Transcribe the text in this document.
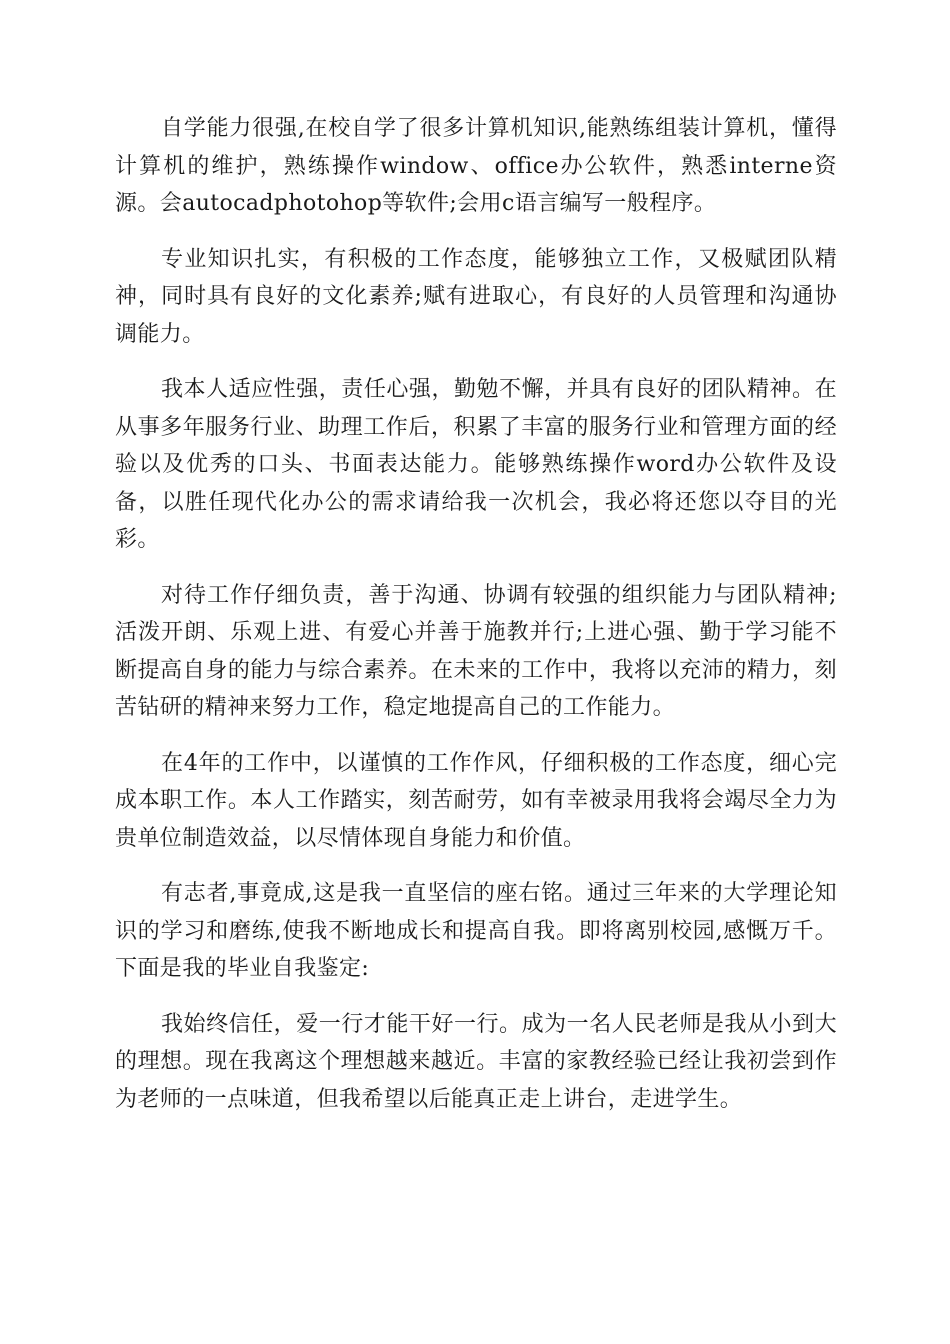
自学能力很强,在校自学了很多计算机知识,能熟练组装计算机，懂得计算机的维护，熟练操作window、office办公软件，熟悉interne资源。会autocadphotohop等软件;会用c语言编写一般程序。

专业知识扎实，有积极的工作态度，能够独立工作，又极赋团队精神，同时具有良好的文化素养;赋有进取心，有良好的人员管理和沟通协调能力。

我本人适应性强，责任心强，勤勉不懈，并具有良好的团队精神。在从事多年服务行业、助理工作后，积累了丰富的服务行业和管理方面的经验以及优秀的口头、书面表达能力。能够熟练操作word办公软件及设备，以胜任现代化办公的需求请给我一次机会，我必将还您以夺目的光彩。

对待工作仔细负责，善于沟通、协调有较强的组织能力与团队精神;活泼开朗、乐观上进、有爱心并善于施教并行;上进心强、勤于学习能不断提高自身的能力与综合素养。在未来的工作中，我将以充沛的精力，刻苦钻研的精神来努力工作，稳定地提高自己的工作能力。

在4年的工作中，以谨慎的工作作风，仔细积极的工作态度，细心完成本职工作。本人工作踏实，刻苦耐劳，如有幸被录用我将会竭尽全力为贵单位制造效益，以尽情体现自身能力和价值。

有志者,事竟成,这是我一直坚信的座右铭。通过三年来的大学理论知识的学习和磨练,使我不断地成长和提高自我。即将离别校园,感慨万千。下面是我的毕业自我鉴定:

我始终信任，爱一行才能干好一行。成为一名人民老师是我从小到大的理想。现在我离这个理想越来越近。丰富的家教经验已经让我初尝到作为老师的一点味道，但我希望以后能真正走上讲台，走进学生。
